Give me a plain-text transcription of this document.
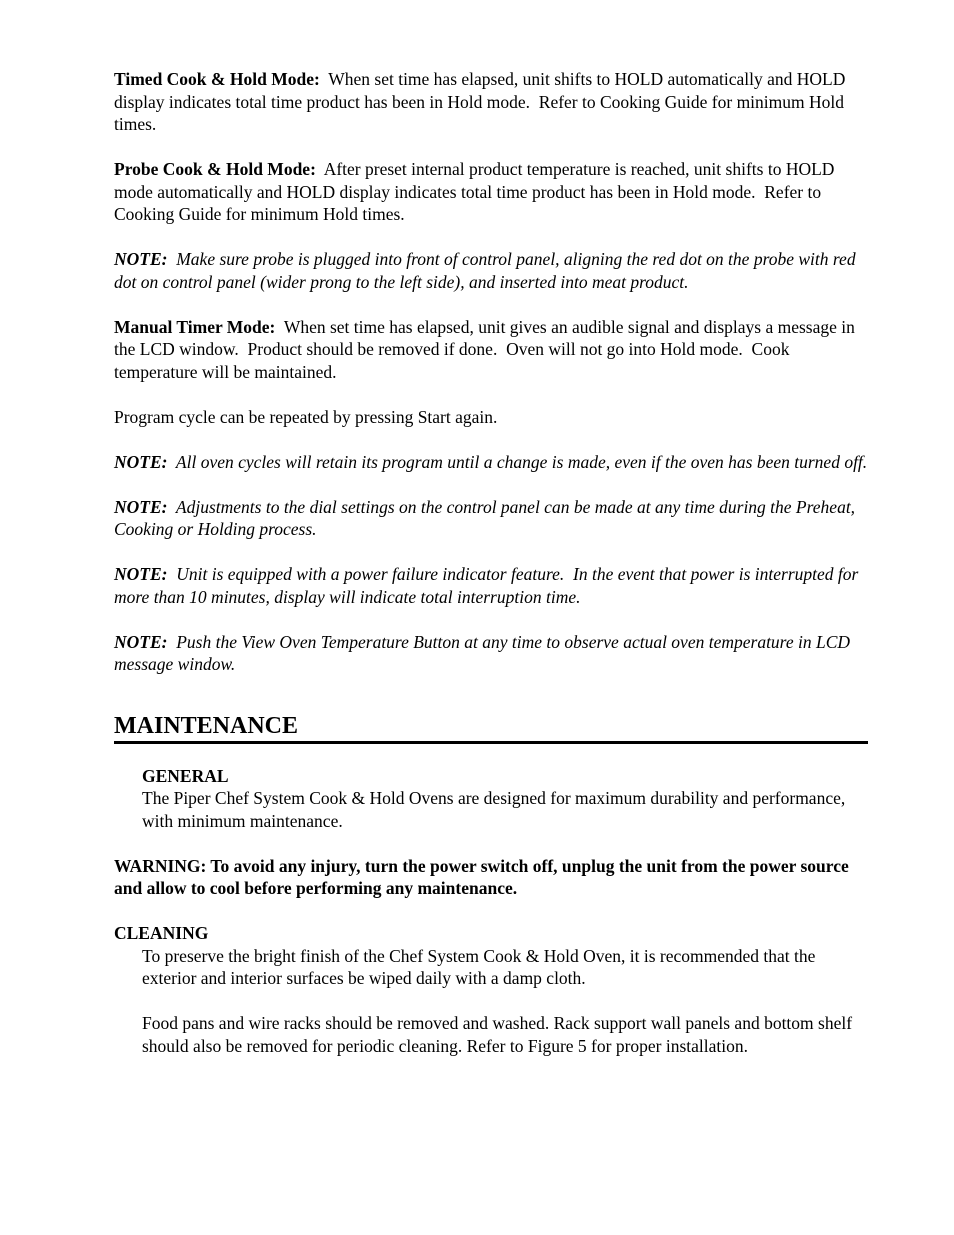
Timed Cook & Hold Mode:  When set time has elapsed, unit shifts to HOLD automatically and HOLD display indicates total time product has been in Hold mode.  Refer to Cooking Guide for minimum Hold times.

Probe Cook & Hold Mode:  After preset internal product temperature is reached, unit shifts to HOLD mode automatically and HOLD display indicates total time product has been in Hold mode.  Refer to Cooking Guide for minimum Hold times.

NOTE:  Make sure probe is plugged into front of control panel, aligning the red dot on the probe with red dot on control panel (wider prong to the left side), and inserted into meat product.

Manual Timer Mode:  When set time has elapsed, unit gives an audible signal and displays a message in the LCD window.  Product should be removed if done.  Oven will not go into Hold mode.  Cook temperature will be maintained.

Program cycle can be repeated by pressing Start again.

NOTE:  All oven cycles will retain its program until a change is made, even if the oven has been turned off.

NOTE:  Adjustments to the dial settings on the control panel can be made at any time during the Preheat, Cooking or Holding process.

NOTE:  Unit is equipped with a power failure indicator feature.  In the event that power is interrupted for more than 10 minutes, display will indicate total interruption time.

NOTE:  Push the View Oven Temperature Button at any time to observe actual oven temperature in LCD message window.

MAINTENANCE

GENERAL

The Piper Chef System Cook & Hold Ovens are designed for maximum durability and performance, with minimum maintenance.

WARNING: To avoid any injury, turn the power switch off, unplug the unit from the power source and allow to cool before performing any maintenance.

CLEANING

To preserve the bright finish of the Chef System Cook & Hold Oven, it is recommended that the exterior and interior surfaces be wiped daily with a damp cloth.

Food pans and wire racks should be removed and washed. Rack support wall panels and bottom shelf should also be removed for periodic cleaning. Refer to Figure 5 for proper installation.
